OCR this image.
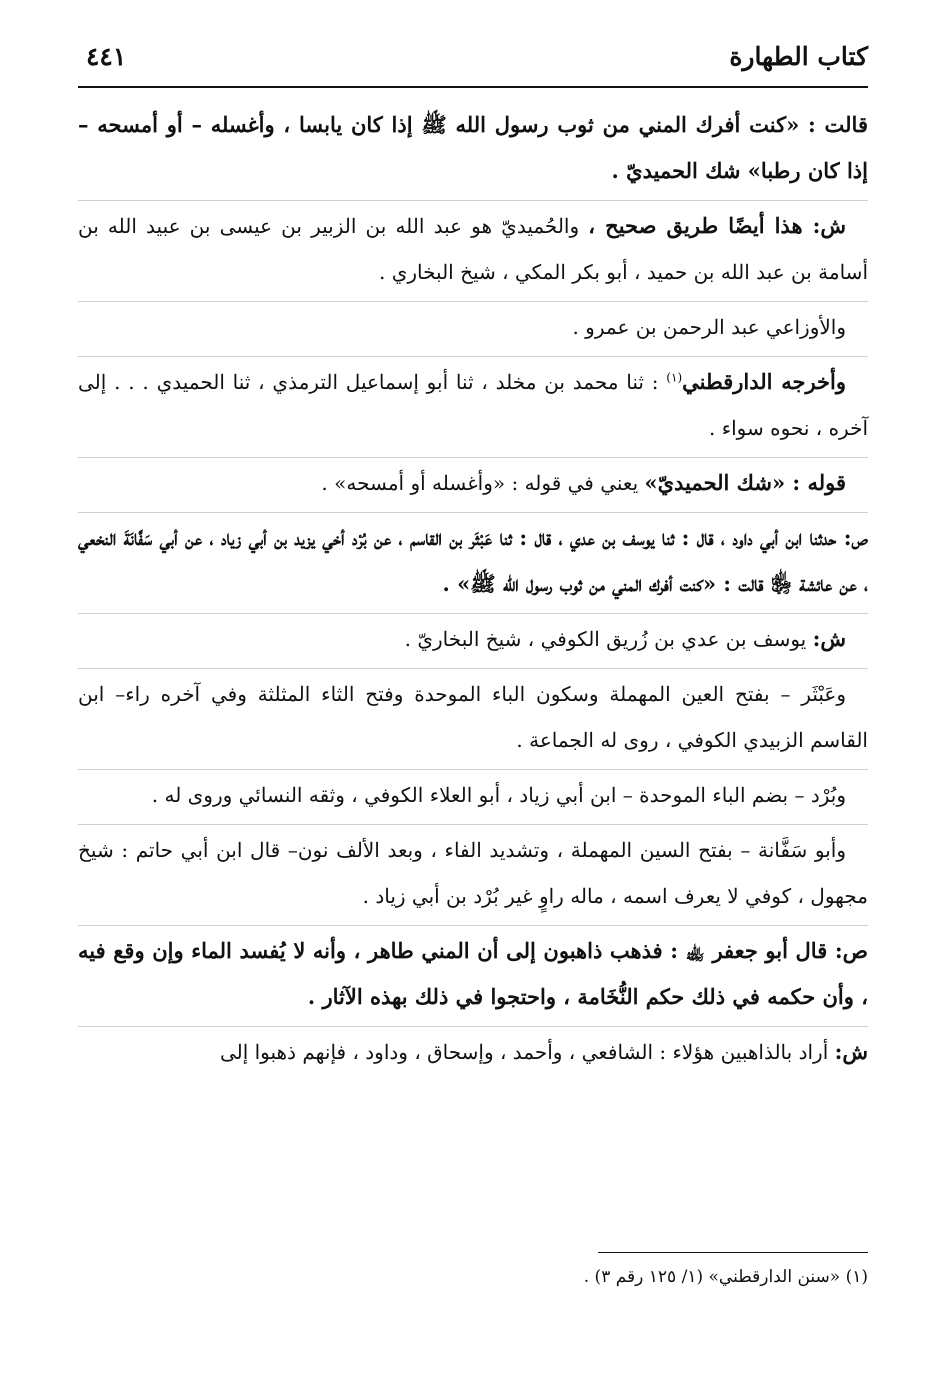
كتاب الطهارة
٤٤١

قالت : «كنت أفرك المني من ثوب رسول الله ﷺ إذا كان يابسا ، وأغسله – أو أمسحه – إذا كان رطبا» شك الحميديّ .

ش: هذا أيضًا طريق صحيح ، والحُميديّ هو عبد الله بن الزبير بن عيسى بن عبيد الله بن أسامة بن عبد الله بن حميد ، أبو بكر المكي ، شيخ البخاري .

والأوزاعي عبد الرحمن بن عمرو .

وأخرجه الدارقطني$^{(١)}$ : ثنا محمد بن مخلد ، ثنا أبو إسماعيل الترمذي ، ثنا الحميدي . . . إلى آخره ، نحوه سواء .

قوله : «شك الحميديّ» يعني في قوله : «وأغسله أو أمسحه» .

ص: حدثنا ابن أبي داود ، قال : ثنا يوسف بن عدي ، قال : ثنا عَبْثَر بن القاسم ، عن بُرْد أخي يزيد بن أبي زياد ، عن أبي سَفَّانَةَ النخعي ، عن عائشة ﵂ قالت : «كنت أفرك المني من ثوب رسول الله ﷺ» .

ش: يوسف بن عدي بن زُريق الكوفي ، شيخ البخاريّ .

وعَبْثَر – بفتح العين المهملة وسكون الباء الموحدة وفتح الثاء المثلثة وفي آخره راء– ابن القاسم الزبيدي الكوفي ، روى له الجماعة .

وبُرْد – بضم الباء الموحدة – ابن أبي زياد ، أبو العلاء الكوفي ، وثقه النسائي وروى له .

وأبو سَفَّانة – بفتح السين المهملة ، وتشديد الفاء ، وبعد الألف نون– قال ابن أبي حاتم : شيخ مجهول ، كوفي لا يعرف اسمه ، ماله راوٍ غير بُرْد بن أبي زياد .

ص: قال أبو جعفر ﵀ : فذهب ذاهبون إلى أن المني طاهر ، وأنه لا يُفسد الماء وإن وقع فيه ، وأن حكمه في ذلك حكم النُّخَامة ، واحتجوا في ذلك بهذه الآثار .

ش: أراد بالذاهبين هؤلاء : الشافعي ، وأحمد ، وإسحاق ، وداود ، فإنهم ذهبوا إلى

(١) «سنن الدارقطني» (١/ ١٢٥ رقم ٣) .
